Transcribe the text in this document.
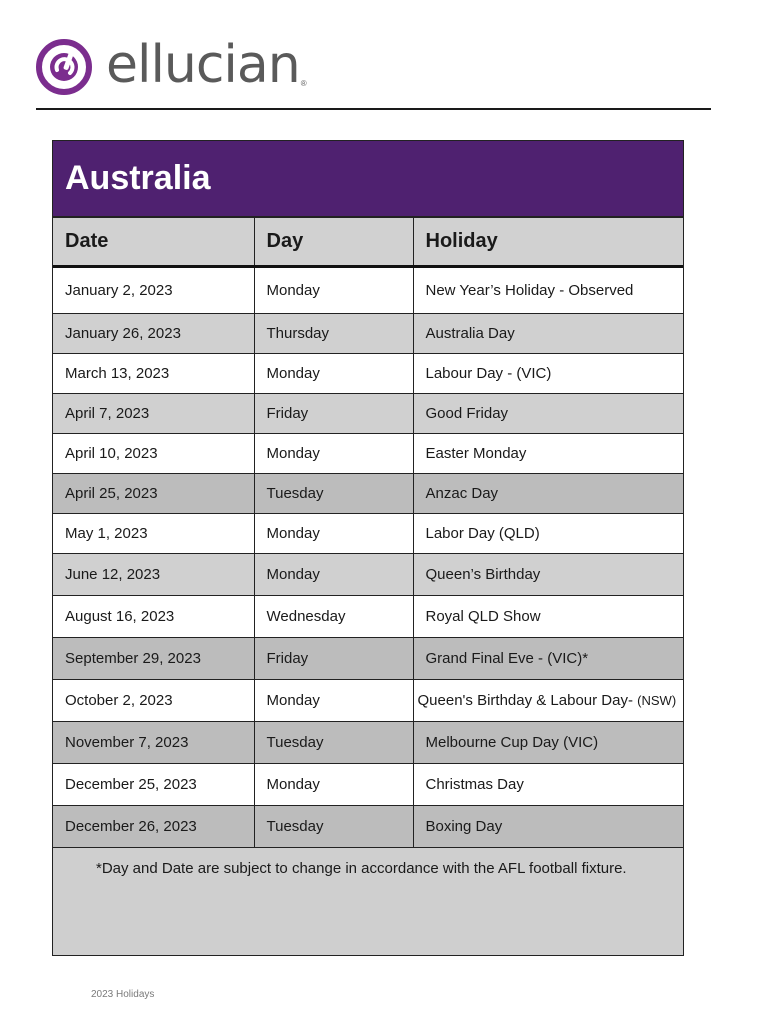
ellucian ®
Australia
Date	Day	Holiday
January 2, 2023	Monday	New Year’s Holiday - Observed
January 26, 2023	Thursday	Australia Day
March 13, 2023	Monday	Labour Day - (VIC)
April 7, 2023	Friday	Good Friday
April 10, 2023	Monday	Easter Monday
April 25, 2023	Tuesday	Anzac Day
May 1, 2023	Monday	Labor Day (QLD)
June 12, 2023	Monday	Queen’s Birthday
August 16, 2023	Wednesday	Royal QLD Show
September 29, 2023	Friday	Grand Final Eve - (VIC)*
October 2, 2023	Monday	Queen's Birthday & Labour Day- (NSW)
November 7, 2023	Tuesday	Melbourne Cup Day (VIC)
December 25, 2023	Monday	Christmas Day
December 26, 2023	Tuesday	Boxing Day
*Day and Date are subject to change in accordance with the AFL football fixture.
2023 Holidays
